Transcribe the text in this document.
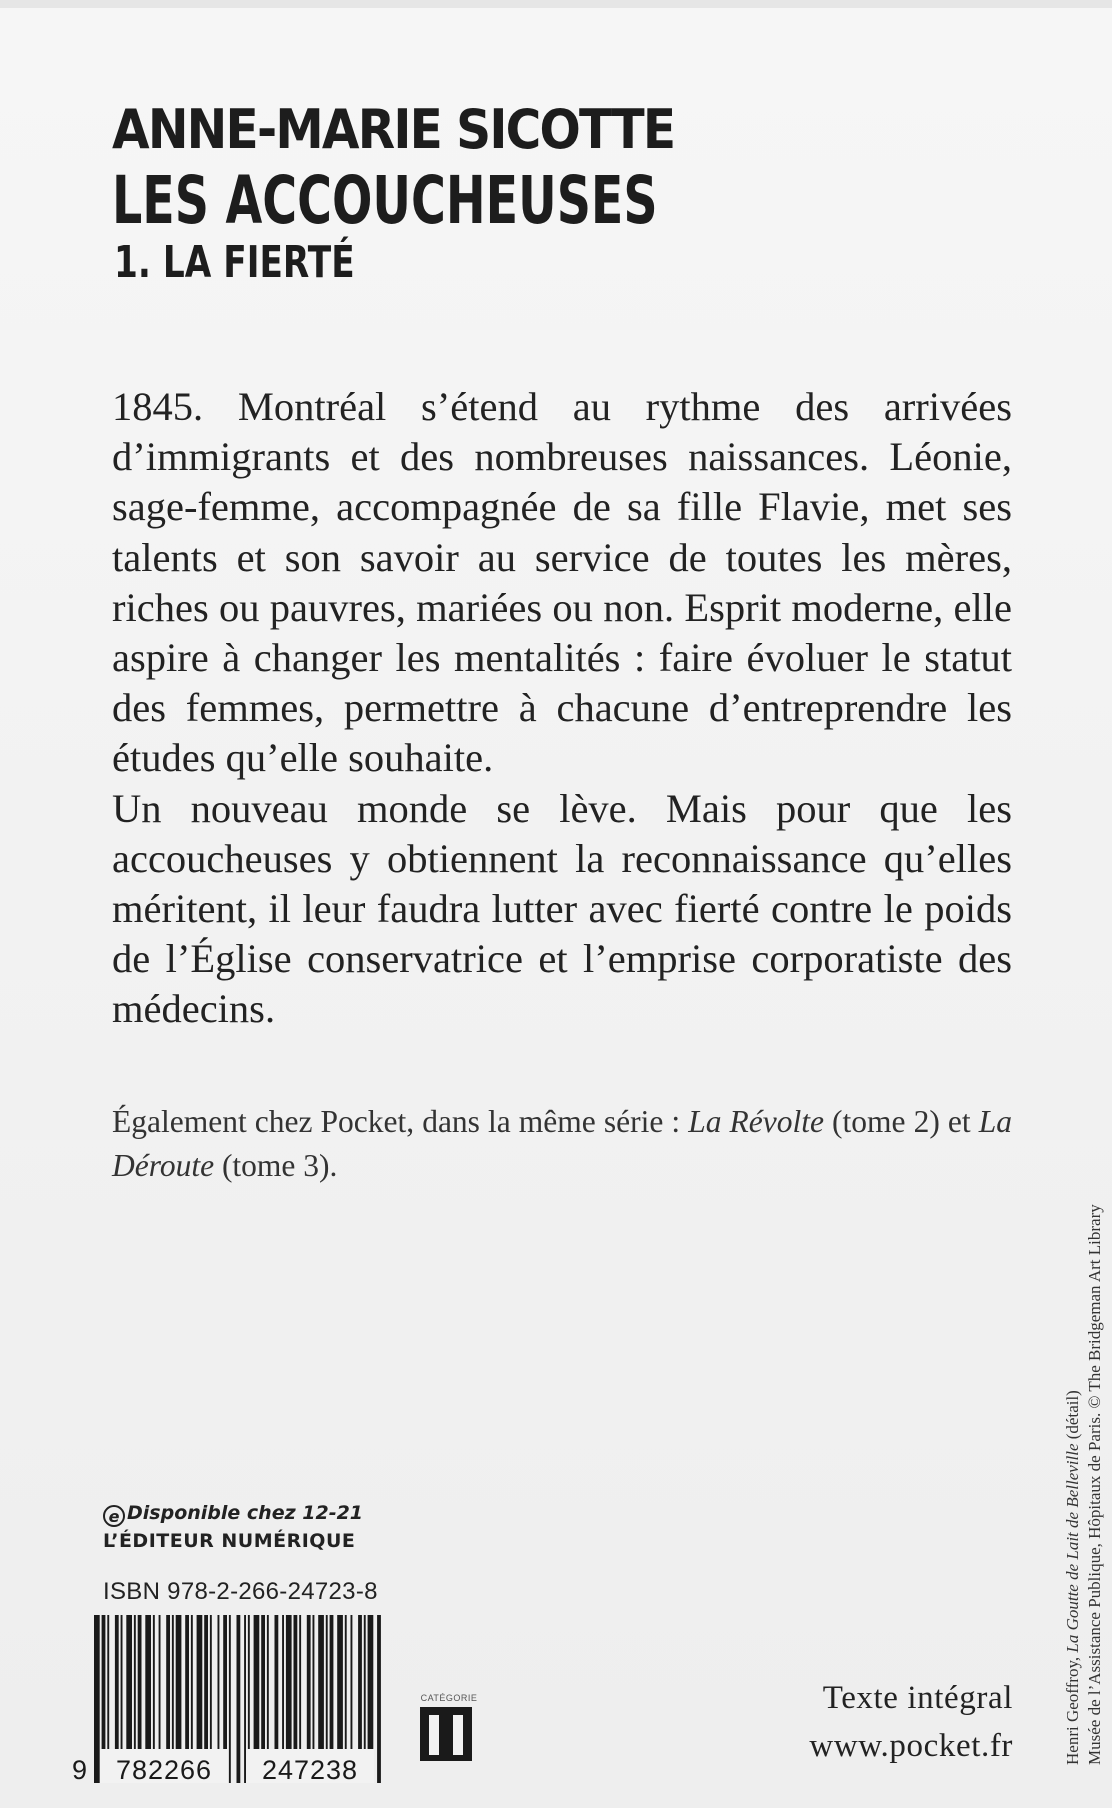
ANNE-MARIE SICOTTE
LES ACCOUCHEUSES
1. LA FIERTÉ

1845. Montréal s’étend au rythme des arrivées d’immigrants et des nombreuses naissances. Léonie, sage-femme, accompagnée de sa fille Flavie, met ses talents et son savoir au service de toutes les mères, riches ou pauvres, mariées ou non. Esprit moderne, elle aspire à changer les mentalités : faire évoluer le statut des femmes, permettre à chacune d’entreprendre les études qu’elle souhaite.

Un nouveau monde se lève. Mais pour que les accoucheuses y obtiennent la reconnaissance qu’elles méritent, il leur faudra lutter avec fierté contre le poids de l’Église conservatrice et l’emprise corporatiste des médecins.

Également chez Pocket, dans la même série : La Révolte (tome 2) et La Déroute (tome 3).
e Disponible chez 12-21
L’ÉDITEUR NUMÉRIQUE
ISBN 978-2-266-24723-8
9 782266 247238
CATÉGORIE	Texte intégral
www.pocket.fr	Henri Geoffroy, La Goutte de Lait de Belleville (détail) Musée de l’Assistance Publique, Hôpitaux de Paris. © The Bridgeman Art Library
